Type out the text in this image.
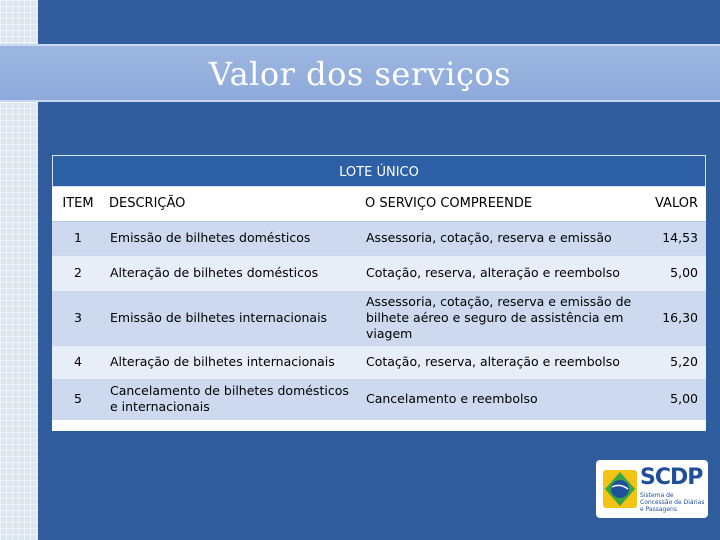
Valor dos serviços
LOTE ÚNICO
ITEM	DESCRIÇÃO	O SERVIÇO COMPREENDE	VALOR
1	Emissão de bilhetes domésticos	Assessoria, cotação, reserva e emissão	14,53
2	Alteração de bilhetes domésticos	Cotação, reserva, alteração e reembolso	5,00
3	Emissão de bilhetes internacionais	Assessoria, cotação, reserva e emissão de bilhete aéreo e seguro de assistência em viagem	16,30
4	Alteração de bilhetes internacionais	Cotação, reserva, alteração e reembolso	5,20
5	Cancelamento de bilhetes domésticos e internacionais	Cancelamento e reembolso	5,00
SCDP
Sistema de Concessão de Diárias e Passagens
